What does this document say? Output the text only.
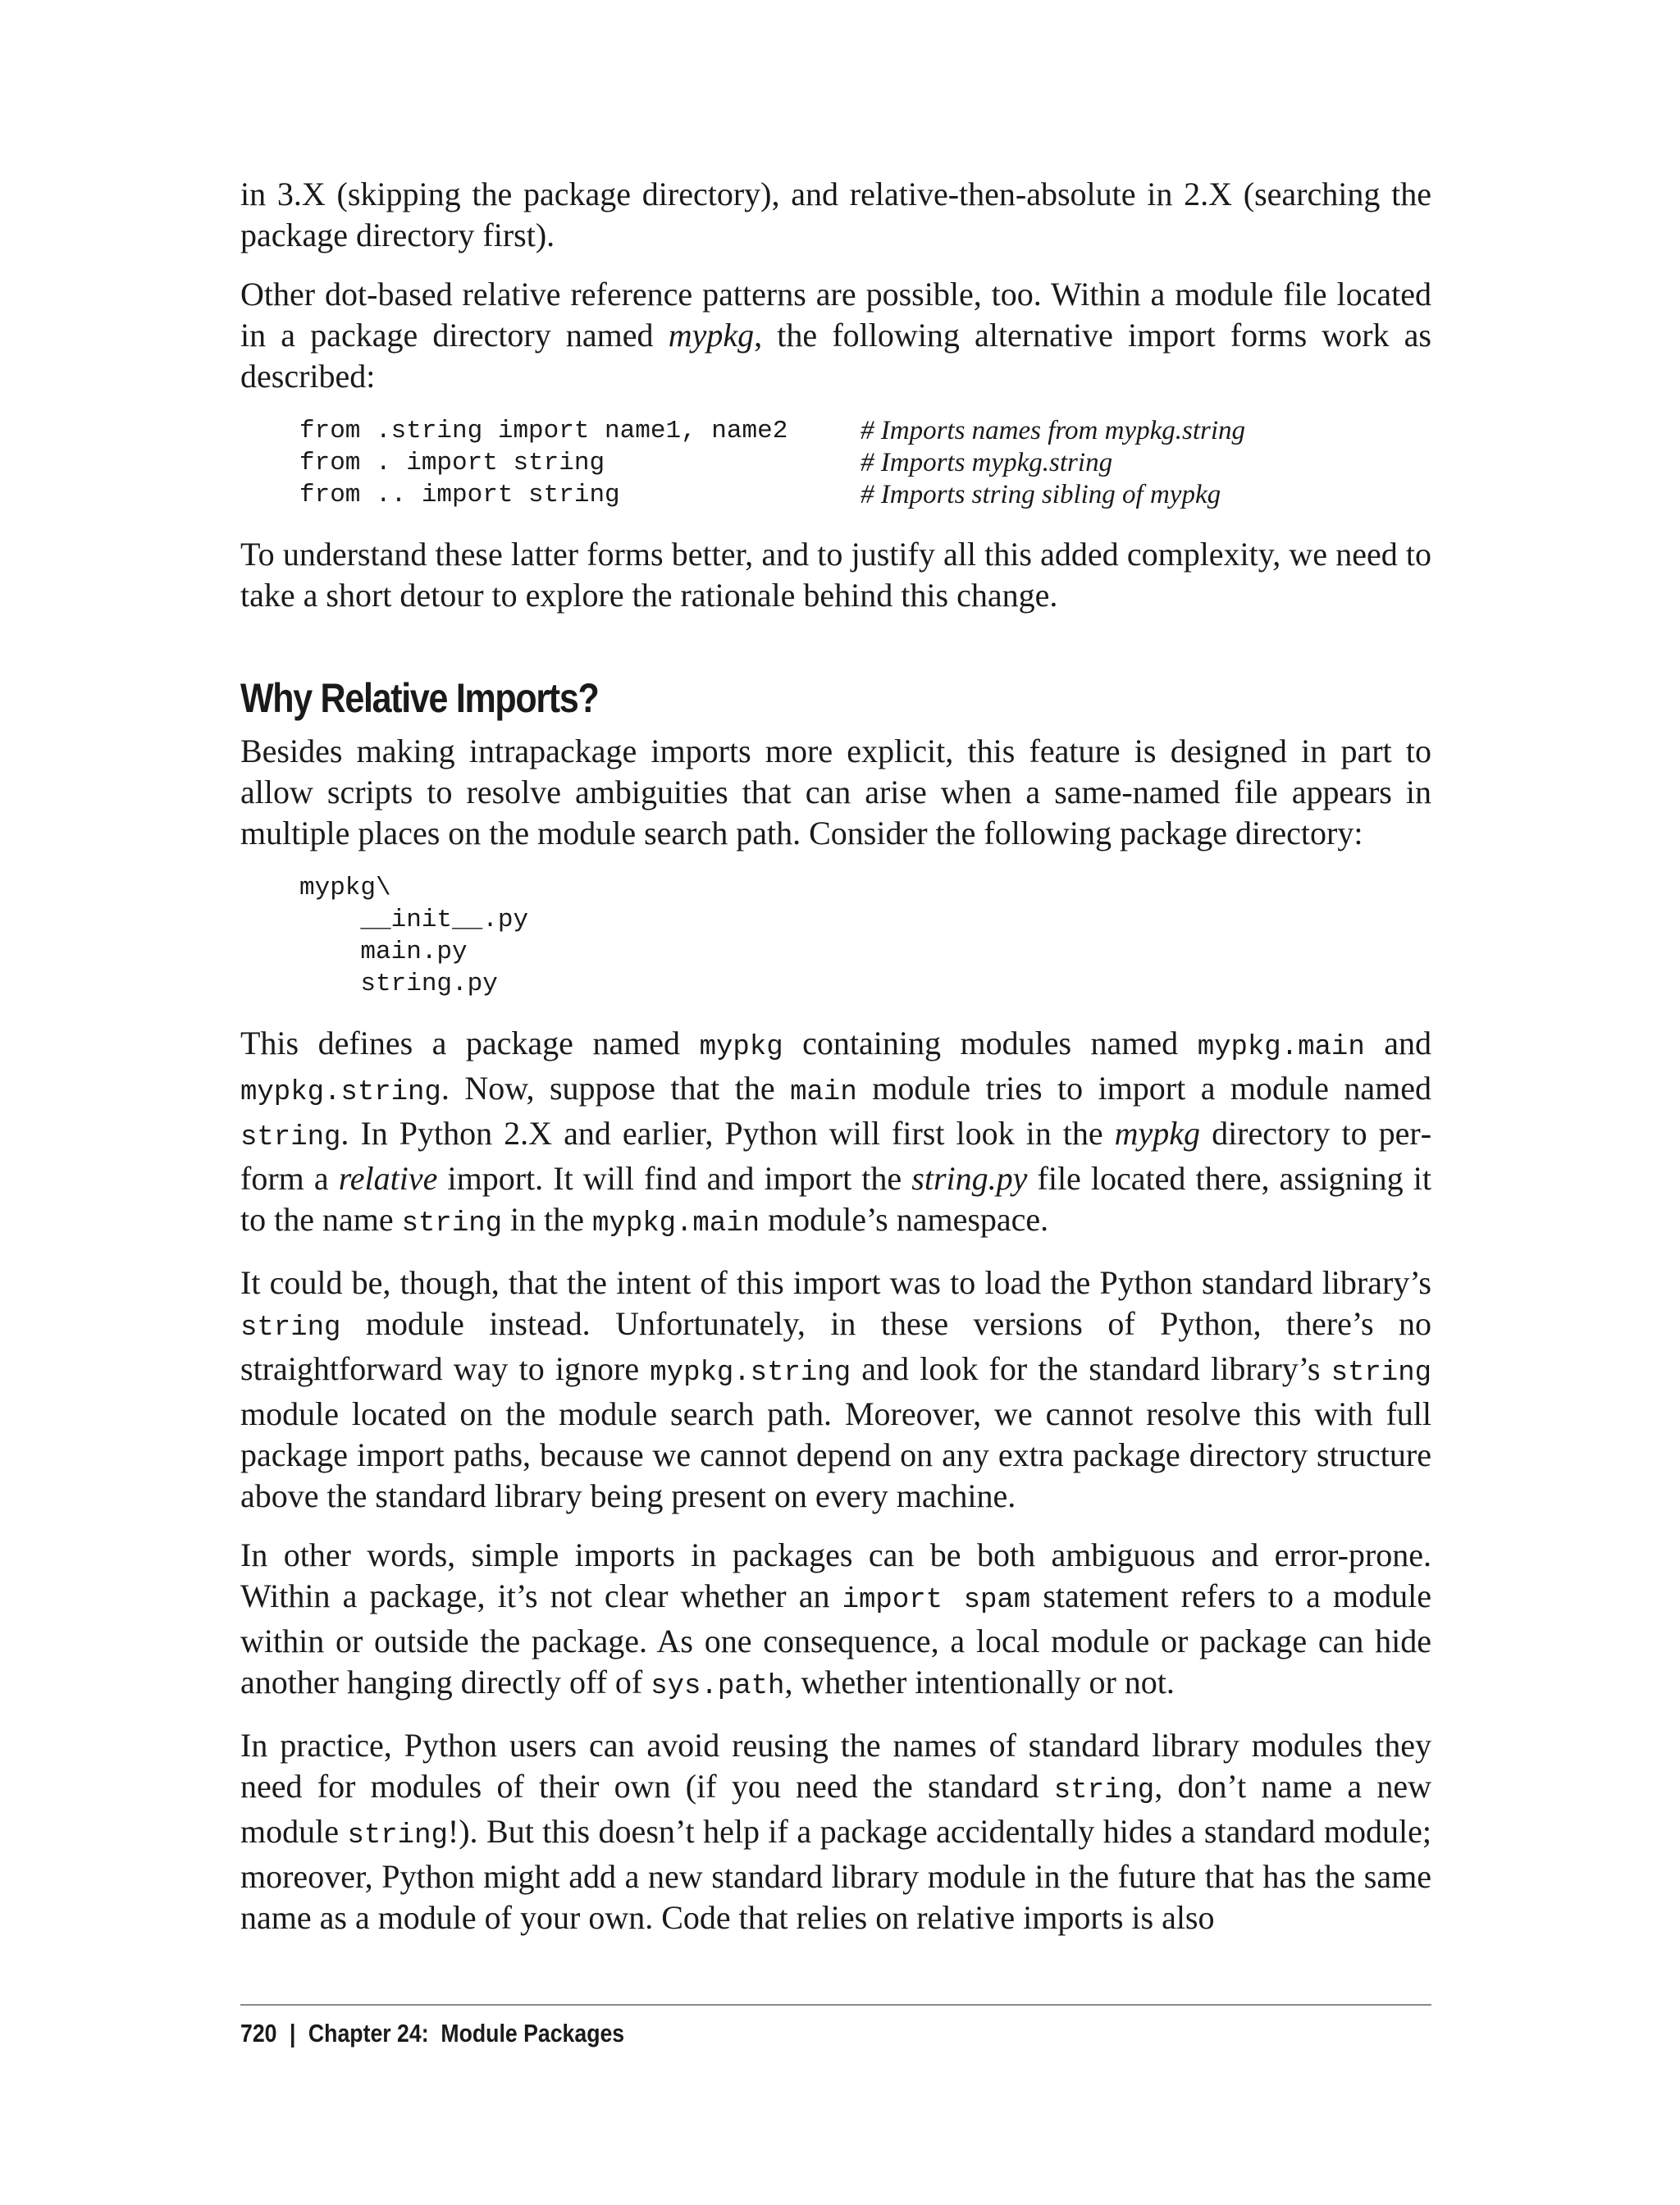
in 3.X (skipping the package directory), and relative-then-absolute in 2.X (searching the package directory first).

Other dot-based relative reference patterns are possible, too. Within a module file located in a package directory named mypkg, the following alternative import forms work as described:

from .string import name1, name2	# Imports names from mypkg.string
from . import string	# Imports mypkg.string
from .. import string	# Imports string sibling of mypkg

To understand these latter forms better, and to justify all this added complexity, we need to take a short detour to explore the rationale behind this change.

Why Relative Imports?

Besides making intrapackage imports more explicit, this feature is designed in part to allow scripts to resolve ambiguities that can arise when a same-named file appears in multiple places on the module search path. Consider the following package directory:

mypkg\
__init__.py
main.py
string.py

This defines a package named mypkg containing modules named mypkg.main and mypkg.string. Now, suppose that the main module tries to import a module named string. In Python 2.X and earlier, Python will first look in the mypkg directory to perform a relative import. It will find and import the string.py file located there, assigning it to the name string in the mypkg.main module’s namespace.

It could be, though, that the intent of this import was to load the Python standard library’s string module instead. Unfortunately, in these versions of Python, there’s no straightforward way to ignore mypkg.string and look for the standard library’s string module located on the module search path. Moreover, we cannot resolve this with full package import paths, because we cannot depend on any extra package directory structure above the standard library being present on every machine.

In other words, simple imports in packages can be both ambiguous and error-prone. Within a package, it’s not clear whether an import spam statement refers to a module within or outside the package. As one consequence, a local module or package can hide another hanging directly off of sys.path, whether intentionally or not.

In practice, Python users can avoid reusing the names of standard library modules they need for modules of their own (if you need the standard string, don’t name a new module string!). But this doesn’t help if a package accidentally hides a standard module; moreover, Python might add a new standard library module in the future that has the same name as a module of your own. Code that relies on relative imports is also

720 | Chapter 24:  Module Packages
